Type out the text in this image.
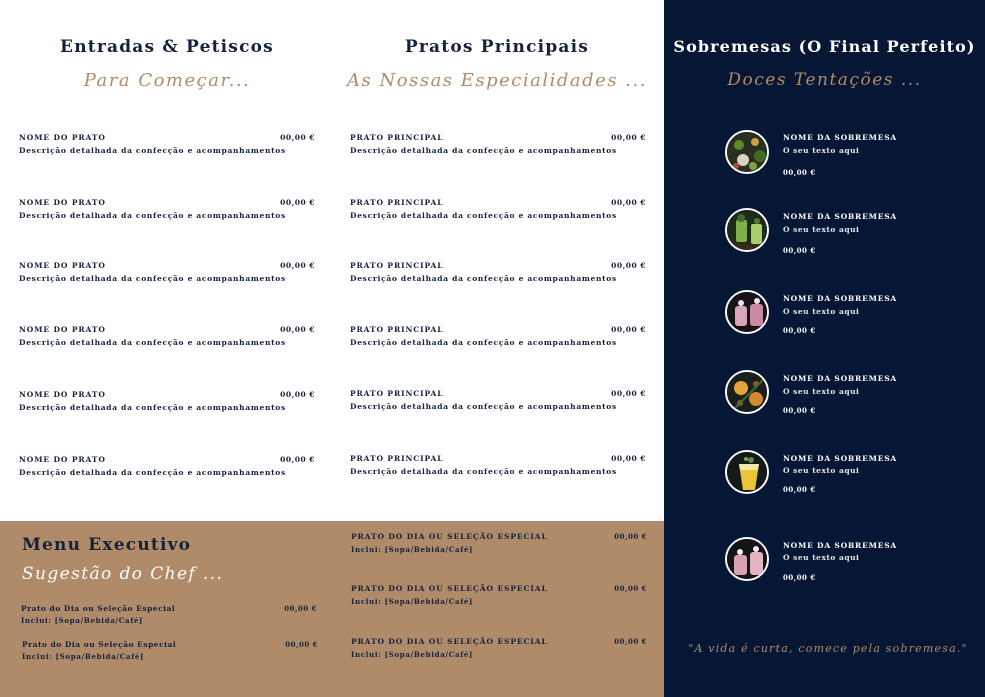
Entradas & Petiscos
Para Começar...
NOME DO PRATO
Descrição detalhada da confecção e acompanhamentos
00,00 €
NOME DO PRATO
Descrição detalhada da confecção e acompanhamentos
00,00 €
NOME DO PRATO
Descrição detalhada da confecção e acompanhamentos
00,00 €
NOME DO PRATO
Descrição detalhada da confecção e acompanhamentos
00,00 €
NOME DO PRATO
Descrição detalhada da confecção e acompanhamentos
00,00 €
NOME DO PRATO
Descrição detalhada da confecção e acompanhamentos
00,00 €
Pratos Principais
As Nossas Especialidades ...
PRATO PRINCIPAL
Descrição detalhada da confecção e acompanhamentos
00,00 €
PRATO PRINCIPAL
Descrição detalhada da confecção e acompanhamentos
00,00 €
PRATO PRINCIPAL
Descrição detalhada da confecção e acompanhamentos
00,00 €
PRATO PRINCIPAL
Descrição detalhada da confecção e acompanhamentos
00,00 €
PRATO PRINCIPAL
Descrição detalhada da confecção e acompanhamentos
00,00 €
PRATO PRINCIPAL
Descrição detalhada da confecção e acompanhamentos
00,00 €
Menu Executivo
Sugestão do Chef ...
Prato do Dia ou Seleção Especial
Inclui: [Sopa/Bebida/Café]
00,00 €
Prato do Dia ou Seleção Especial
Inclui: [Sopa/Bebida/Café]
00,00 €
PRATO DO DIA OU SELEÇÃO ESPECIAL
Inclui: [Sopa/Bebida/Café]
00,00 €
PRATO DO DIA OU SELEÇÃO ESPECIAL
Inclui: [Sopa/Bebida/Café]
00,00 €
PRATO DO DIA OU SELEÇÃO ESPECIAL
Inclui: [Sopa/Bebida/Café]
00,00 €
Sobremesas (O Final Perfeito)
Doces Tentações ...
NOME DA SOBREMESA
O seu texto aqui
00,00 €
NOME DA SOBREMESA
O seu texto aqui
00,00 €
NOME DA SOBREMESA
O seu texto aqui
00,00 €
NOME DA SOBREMESA
O seu texto aqui
00,00 €
NOME DA SOBREMESA
O seu texto aqui
00,00 €
NOME DA SOBREMESA
O seu texto aqui
00,00 €
"A vida é curta, comece pela sobremesa."
